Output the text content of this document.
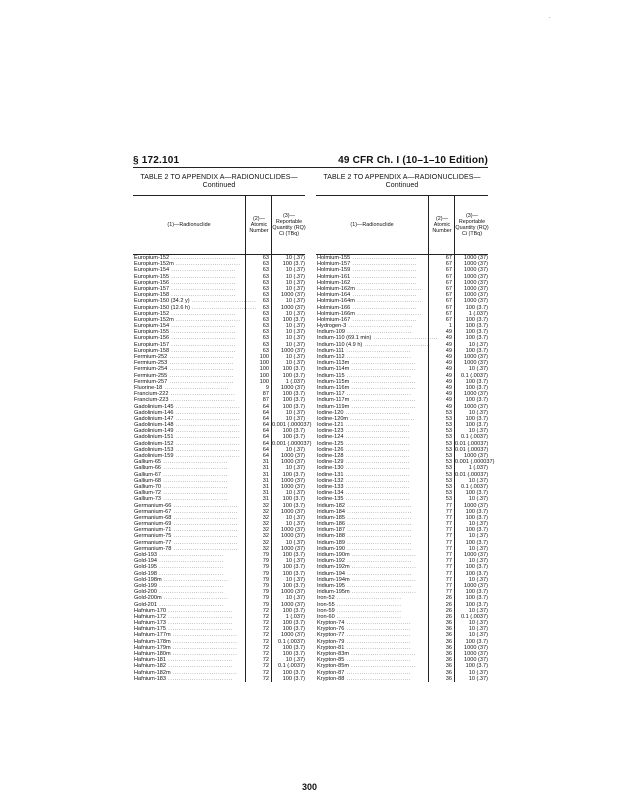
.
§ 172.101	49 CFR Ch. I (10–1–10 Edition)
TABLE 2 TO APPENDIX A—RADIONUCLIDES—Continued
TABLE 2 TO APPENDIX A—RADIONUCLIDES—Continued
(1)—Radionuclide
(2)— Atomic Number
(3)—Reportable Quantity (RQ) Ci (TBq)
Europium-152 ..............................	63	10 (.37)
Europium-152m ..............................	63	100 (3.7)
Europium-154 ..............................	63	10 (.37)
Europium-155 ..............................	63	10 (.37)
Europium-156 ..............................	63	10 (.37)
Europium-157 ..............................	63	10 (.37)
Europium-158 ..............................	63	1000 (37)
Europium-150 (34.2 y) ..............................	63	10 (.37)
Europium-150 (12.6 h) ..............................	63	1000 (37)
Europium-152 ..............................	63	10 (.37)
Europium-152m ..............................	63	100 (3.7)
Europium-154 ..............................	63	10 (.37)
Europium-155 ..............................	63	10 (.37)
Europium-156 ..............................	63	10 (.37)
Europium-157 ..............................	63	10 (.37)
Europium-158 ..............................	63	1000 (37)
Fermium-252 ..............................	100	10 (.37)
Fermium-253 ..............................	100	10 (.37)
Fermium-254 ..............................	100	100 (3.7)
Fermium-255 ..............................	100	100 (3.7)
Fermium-257 ..............................	100	1 (.037)
Fluorine-18 ..............................	9	1000 (37)
Francium-222 ..............................	87	100 (3.7)
Francium-223 ..............................	87	100 (3.7)
Gadolinium-145 ..............................	64	100 (3.7)
Gadolinium-146 ..............................	64	10 (.37)
Gadolinium-147 ..............................	64	10 (.37)
Gadolinium-148 ..............................	64 0.001 (.000037)
Gadolinium-149 ..............................	64	100 (3.7)
Gadolinium-151 ..............................	64	100 (3.7)
Gadolinium-152 ..............................	64 0.001 (.000037)
Gadolinium-153 ..............................	64	10 (.37)
Gadolinium-159 ..............................	64	1000 (37)
Gallium-65 ..............................	31	1000 (37)
Gallium-66 ..............................	31	10 (.37)
Gallium-67 ..............................	31	100 (3.7)
Gallium-68 ..............................	31	1000 (37)
Gallium-70 ..............................	31	1000 (37)
Gallium-72 ..............................	31	10 (.37)
Gallium-73 ..............................	31	100 (3.7)
Germanium-66 ..............................	32	100 (3.7)
Germanium-67 ..............................	32	1000 (37)
Germanium-68 ..............................	32	10 (.37)
Germanium-69 ..............................	32	10 (.37)
Germanium-71 ..............................	32	1000 (37)
Germanium-75 ..............................	32	1000 (37)
Germanium-77 ..............................	32	10 (.37)
Germanium-78 ..............................	32	1000 (37)
Gold-193 ..............................	79	100 (3.7)
Gold-194 ..............................	79	10 (.37)
Gold-195 ..............................	79	100 (3.7)
Gold-198 ..............................	79	100 (3.7)
Gold-198m ..............................	79	10 (.37)
Gold-199 ..............................	79	100 (3.7)
Gold-200 ..............................	79	1000 (37)
Gold-200m ..............................	79	10 (.37)
Gold-201 ..............................	79	1000 (37)
Hafnium-170 ..............................	72	100 (3.7)
Hafnium-172 ..............................	72	1 (.037)
Hafnium-173 ..............................	72	100 (3.7)
Hafnium-175 ..............................	72	100 (3.7)
Hafnium-177m ..............................	72	1000 (37)
Hafnium-178m ..............................	72	0.1 (.0037)
Hafnium-179m ..............................	72	100 (3.7)
Hafnium-180m ..............................	72	100 (3.7)
Hafnium-181 ..............................	72	10 (.37)
Hafnium-182 ..............................	72	0.1 (.0037)
Hafnium-182m ..............................	72	100 (3.7)
Hafnium-183 ..............................	72	100 (3.7)
(1)—Radionuclide
(2)— Atomic Number
(3)—Reportable Quantity (RQ) Ci (TBq)
Holmium-155 ..............................	67	1000 (37)
Holmium-157 ..............................	67	1000 (37)
Holmium-159 ..............................	67	1000 (37)
Holmium-161 ..............................	67	1000 (37)
Holmium-162 ..............................	67	1000 (37)
Holmium-162m ..............................	67	1000 (37)
Holmium-164 ..............................	67	1000 (37)
Holmium-164m ..............................	67	1000 (37)
Holmium-166 ..............................	67	100 (3.7)
Holmium-166m ..............................	67	1 (.037)
Holmium-167 ..............................	67	100 (3.7)
Hydrogen-3 ..............................	1	100 (3.7)
Indium-109 ..............................	49	100 (3.7)
Indium-110 (69.1 min) ..............................	49	100 (3.7)
Indium-110 (4.9 h) ..............................	49	10 (.37)
Indium-111 ..............................	49	100 (3.7)
Indium-112 ..............................	49	1000 (37)
Indium-113m ..............................	49	1000 (37)
Indium-114m ..............................	49	10 (.37)
Indium-115 ..............................	49	0.1 (.0037)
Indium-115m ..............................	49	100 (3.7)
Indium-116m ..............................	49	100 (3.7)
Indium-117 ..............................	49	1000 (37)
Indium-117m ..............................	49	100 (3.7)
Indium-119m ..............................	49	1000 (37)
Iodine-120 ..............................	53	10 (.37)
Iodine-120m ..............................	53	100 (3.7)
Iodine-121 ..............................	53	100 (3.7)
Iodine-123 ..............................	53	10 (.37)
Iodine-124 ..............................	53	0.1 (.0037)
Iodine-125 ..............................	53 0.01 (.00037)
Iodine-126 ..............................	53 0.01 (.00037)
Iodine-128 ..............................	53	1000 (37)
Iodine-129 ..............................	53 0.001 (.000037)
Iodine-130 ..............................	53	1 (.037)
Iodine-131 ..............................	53 0.01 (.00037)
Iodine-132 ..............................	53	10 (.37)
Iodine-133 ..............................	53	0.1 (.0037)
Iodine-134 ..............................	53	100 (3.7)
Iodine-135 ..............................	53	10 (.37)
Iridium-182 ..............................	77	1000 (37)
Iridium-184 ..............................	77	100 (3.7)
Iridium-185 ..............................	77	100 (3.7)
Iridium-186 ..............................	77	10 (.37)
Iridium-187 ..............................	77	100 (3.7)
Iridium-188 ..............................	77	10 (.37)
Iridium-189 ..............................	77	100 (3.7)
Iridium-190 ..............................	77	10 (.37)
Iridium-190m ..............................	77	1000 (37)
Iridium-192 ..............................	77	10 (.37)
Iridium-192m ..............................	77	100 (3.7)
Iridium-194 ..............................	77	100 (3.7)
Iridium-194m ..............................	77	10 (.37)
Iridium-195 ..............................	77	1000 (37)
Iridium-195m ..............................	77	100 (3.7)
Iron-52 ..............................	26	100 (3.7)
Iron-55 ..............................	26	100 (3.7)
Iron-59 ..............................	26	10 (.37)
Iron-60 ..............................	26	0.1 (.0037)
Krypton-74 ..............................	36	10 (.37)
Krypton-76 ..............................	36	10 (.37)
Krypton-77 ..............................	36	10 (.37)
Krypton-79 ..............................	36	100 (3.7)
Krypton-81 ..............................	36	1000 (37)
Krypton-83m ..............................	36	1000 (37)
Krypton-85 ..............................	36	1000 (37)
Krypton-85m ..............................	36	100 (3.7)
Krypton-87 ..............................	36	10 (.37)
Krypton-88 ..............................	36	10 (.37)
300
